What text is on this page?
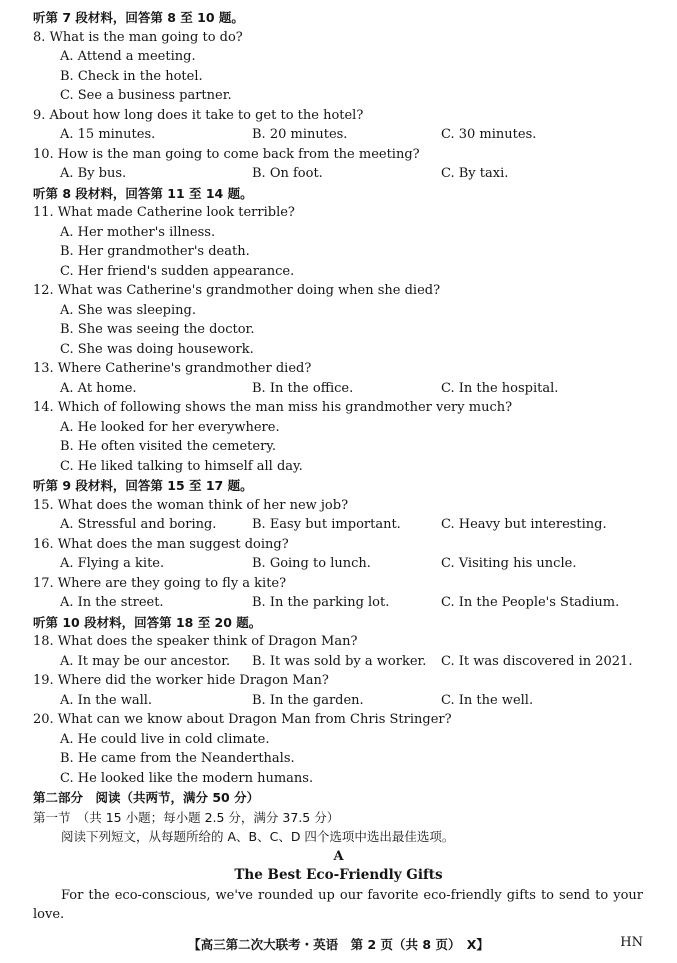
听第 7 段材料，回答第 8 至 10 题。
8. What is the man going to do?
A. Attend a meeting.
B. Check in the hotel.
C. See a business partner.
9. About how long does it take to get to the hotel?
A. 15 minutes.	B. 20 minutes.	C. 30 minutes.
10. How is the man going to come back from the meeting?
A. By bus.	B. On foot.	C. By taxi.
听第 8 段材料，回答第 11 至 14 题。
11. What made Catherine look terrible?
A. Her mother's illness.
B. Her grandmother's death.
C. Her friend's sudden appearance.
12. What was Catherine's grandmother doing when she died?
A. She was sleeping.
B. She was seeing the doctor.
C. She was doing housework.
13. Where Catherine's grandmother died?
A. At home.	B. In the office.	C. In the hospital.
14. Which of following shows the man miss his grandmother very much?
A. He looked for her everywhere.
B. He often visited the cemetery.
C. He liked talking to himself all day.
听第 9 段材料，回答第 15 至 17 题。
15. What does the woman think of her new job?
A. Stressful and boring.	B. Easy but important.	C. Heavy but interesting.
16. What does the man suggest doing?
A. Flying a kite.	B. Going to lunch.	C. Visiting his uncle.
17. Where are they going to fly a kite?
A. In the street.	B. In the parking lot.	C. In the People's Stadium.
听第 10 段材料，回答第 18 至 20 题。
18. What does the speaker think of Dragon Man?
A. It may be our ancestor. B. It was sold by a worker. C. It was discovered in 2021.
19. Where did the worker hide Dragon Man?
A. In the wall.	B. In the garden.	C. In the well.
20. What can we know about Dragon Man from Chris Stringer?
A. He could live in cold climate.
B. He came from the Neanderthals.
C. He looked like the modern humans.
第二部分　阅读（共两节，满分 50 分）
第一节　（共 15 小题；每小题 2.5 分，满分 37.5 分）
阅读下列短文，从每题所给的 A、B、C、D 四个选项中选出最佳选项。
A
The Best Eco-Friendly Gifts
For the eco-conscious, we've rounded up our favorite eco-friendly gifts to send to your
love.
【高三第二次大联考・英语　第 2 页（共 8 页）　X】	HN
